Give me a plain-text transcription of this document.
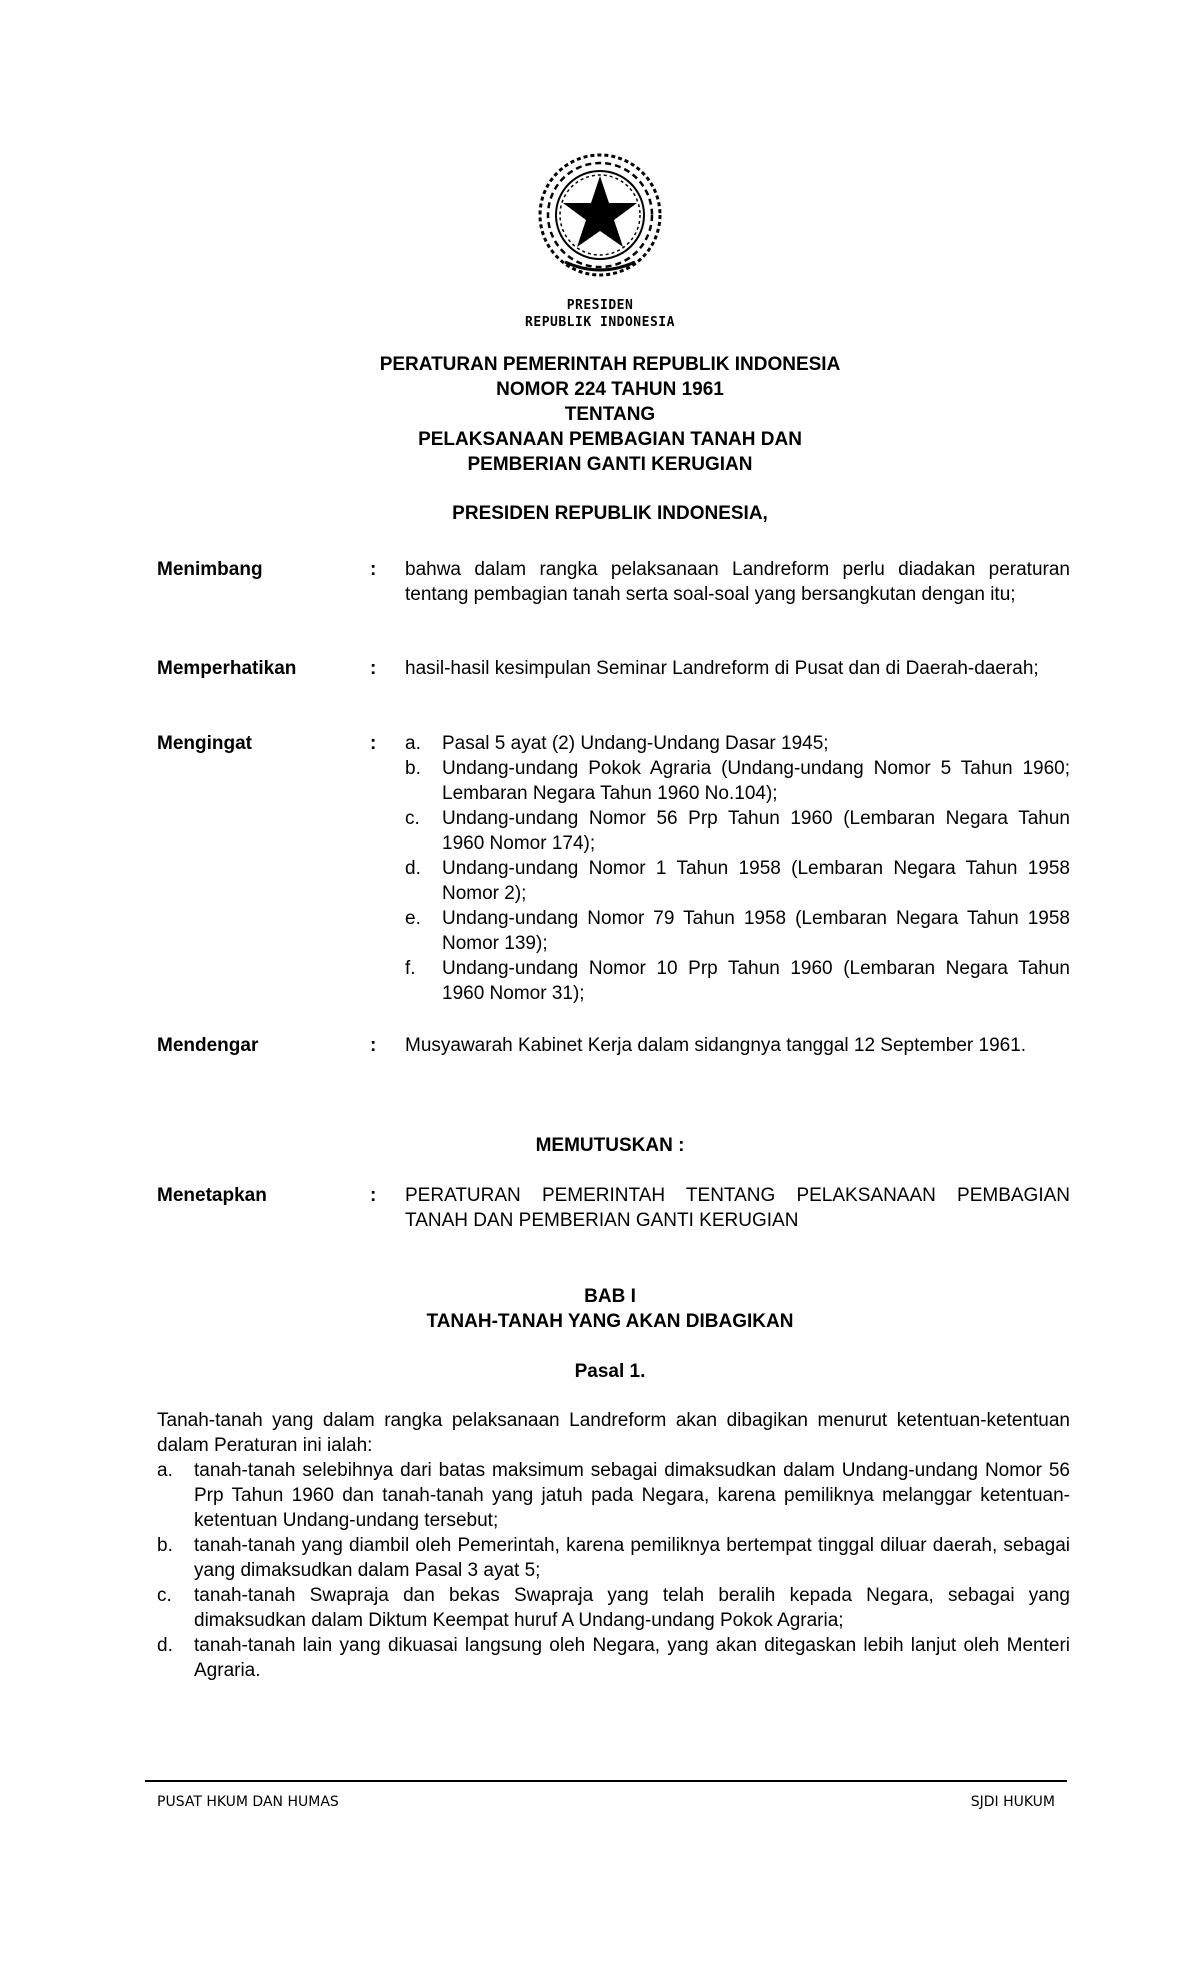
PRESIDEN
REPUBLIK INDONESIA
PERATURAN PEMERINTAH REPUBLIK INDONESIA
NOMOR 224 TAHUN 1961
TENTANG
PELAKSANAAN PEMBAGIAN TANAH DAN
PEMBERIAN GANTI KERUGIAN
PRESIDEN REPUBLIK INDONESIA,
Menimbang	: bahwa dalam rangka pelaksanaan Landreform perlu diadakan peraturan tentang pembagian tanah serta soal-soal yang bersangkutan dengan itu;

Memperhatikan	: hasil-hasil kesimpulan Seminar Landreform di Pusat dan di Daerah-daerah;

Mengingat	: a. Pasal 5 ayat (2) Undang-Undang Dasar 1945;
b. Undang-undang Pokok Agraria (Undang-undang Nomor 5 Tahun 1960; Lembaran Negara Tahun 1960 No.104);
c. Undang-undang Nomor 56 Prp Tahun 1960 (Lembaran Negara Tahun 1960 Nomor 174);
d. Undang-undang Nomor 1 Tahun 1958 (Lembaran Negara Tahun 1958 Nomor 2);
e. Undang-undang Nomor 79 Tahun 1958 (Lembaran Negara Tahun 1958 Nomor 139);
f. Undang-undang Nomor 10 Prp Tahun 1960 (Lembaran Negara Tahun 1960 Nomor 31);
Mendengar	: Musyawarah Kabinet Kerja dalam sidangnya tanggal 12 September 1961.

MEMUTUSKAN :
Menetapkan	: PERATURAN PEMERINTAH TENTANG PELAKSANAAN PEMBAGIAN TANAH DAN PEMBERIAN GANTI KERUGIAN

BAB I
TANAH-TANAH YANG AKAN DIBAGIKAN
Pasal 1.

Tanah-tanah yang dalam rangka pelaksanaan Landreform akan dibagikan menurut ketentuan-ketentuan dalam Peraturan ini ialah:

a. tanah-tanah selebihnya dari batas maksimum sebagai dimaksudkan dalam Undang-undang Nomor 56 Prp Tahun 1960 dan tanah-tanah yang jatuh pada Negara, karena pemiliknya melanggar ketentuan-ketentuan Undang-undang tersebut;
b. tanah-tanah yang diambil oleh Pemerintah, karena pemiliknya bertempat tinggal diluar daerah, sebagai yang dimaksudkan dalam Pasal 3 ayat 5;
c. tanah-tanah Swapraja dan bekas Swapraja yang telah beralih kepada Negara, sebagai yang dimaksudkan dalam Diktum Keempat huruf A Undang-undang Pokok Agraria;
d. tanah-tanah lain yang dikuasai langsung oleh Negara, yang akan ditegaskan lebih lanjut oleh Menteri Agraria.
PUSAT HKUM DAN HUMAS	SJDI HUKUM
